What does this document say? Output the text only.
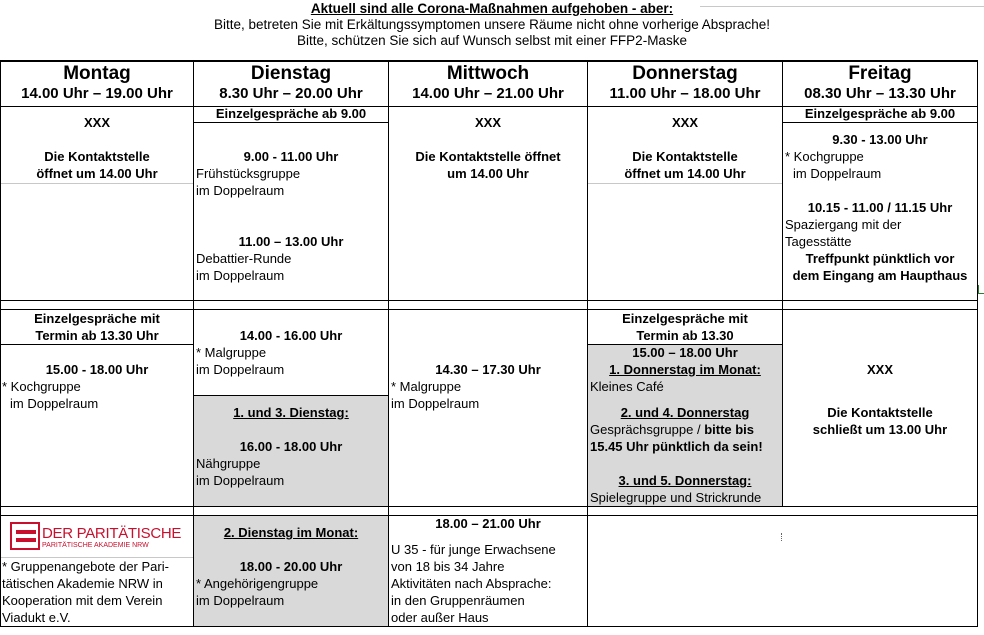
Aktuell sind alle Corona-Maßnahmen aufgehoben - aber:
Bitte, betreten Sie mit Erkältungssymptomen unsere Räume nicht ohne vorherige Absprache!
Bitte, schützen Sie sich auf Wunsch selbst mit einer FFP2-Maske
Montag
14.00 Uhr – 19.00 Uhr
Dienstag
8.30 Uhr – 20.00 Uhr
Mittwoch
14.00 Uhr – 21.00 Uhr
Donnerstag
11.00 Uhr – 18.00 Uhr
Freitag
08.30 Uhr – 13.30 Uhr
XXX
Die Kontaktstelle
öffnet um 14.00 Uhr
Einzelgespräche ab 9.00
9.00 - 11.00 Uhr
Frühstücksgruppe
im Doppelraum
11.00 – 13.00 Uhr
Debattier-Runde
im Doppelraum
XXX
Die Kontaktstelle öffnet
um 14.00 Uhr
XXX
Die Kontaktstelle
öffnet um 14.00 Uhr
Einzelgespräche ab 9.00
9.30 - 13.00 Uhr
* Kochgruppe
im Doppelraum
10.15 - 11.00 / 11.15 Uhr
Spaziergang mit der
Tagesstätte
Treffpunkt pünktlich vor
dem Eingang am Haupthaus
Einzelgespräche mit
Termin ab 13.30 Uhr
15.00 - 18.00 Uhr
* Kochgruppe
im Doppelraum
14.00 - 16.00 Uhr
* Malgruppe
im Doppelraum
1. und 3. Dienstag:
16.00 - 18.00 Uhr
Nähgruppe
im Doppelraum
14.30 – 17.30 Uhr
* Malgruppe
im Doppelraum
Einzelgespräche mit
Termin ab 13.30
15.00 – 18.00 Uhr
1. Donnerstag im Monat:
Kleines Café
2. und 4. Donnerstag
Gesprächsgruppe / bitte bis
15.45 Uhr pünktlich da sein!
3. und 5. Donnerstag:
Spielegruppe und Strickrunde
XXX
Die Kontaktstelle
schließt um 13.00 Uhr
DER PARITÄTISCHE
PARITÄTISCHE AKADEMIE NRW
* Gruppenangebote der Pari-
tätischen Akademie NRW in
Kooperation mit dem Verein
Viadukt e.V.
2. Dienstag im Monat:
18.00 - 20.00 Uhr
* Angehörigengruppe
im Doppelraum
18.00 – 21.00 Uhr
U 35 - für junge Erwachsene
von 18 bis 34 Jahre
Aktivitäten nach Absprache:
in den Gruppenräumen
oder außer Haus
